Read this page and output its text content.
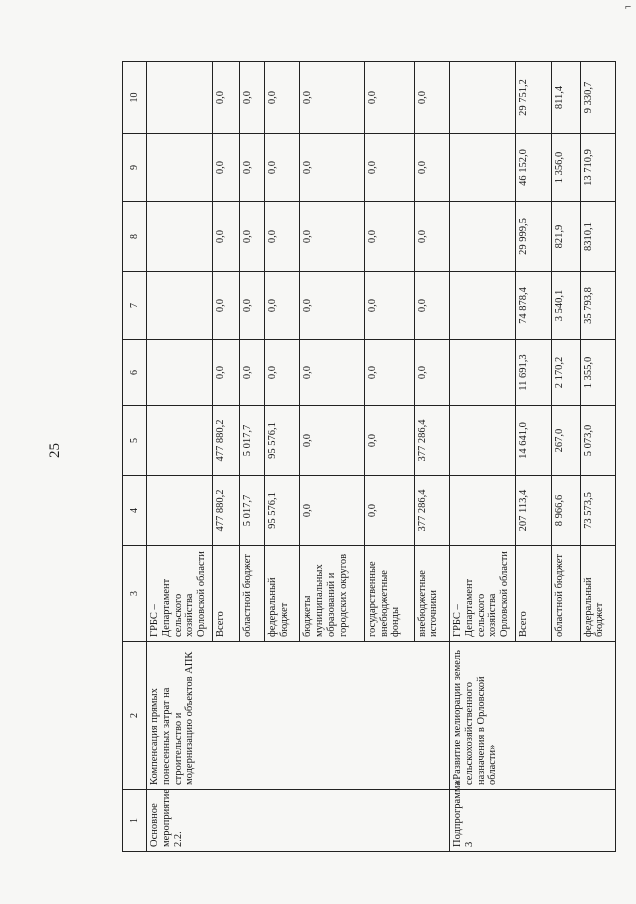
25
⌐
1	2	3	4	5	6	7	8	9	10
Основное мероприятие 2.2.	Компенсация прямых понесенных затрат на строительство и модернизацию объектов АПК	ГРБС – Департамент сельского хозяйства Орловской области							
		Всего	477 880,2	477 880,2	0,0	0,0	0,0	0,0	0,0
		областной бюджет	5 017,7	5 017,7	0,0	0,0	0,0	0,0	0,0
		федеральный бюджет	95 576,1	95 576,1	0,0	0,0	0,0	0,0	0,0
		бюджеты муниципальных образований и городских округов	0,0	0,0	0,0	0,0	0,0	0,0	0,0
		государственные внебюджетные фонды	0,0	0,0	0,0	0,0	0,0	0,0	0,0
		внебюджетные источники	377 286,4	377 286,4	0,0	0,0	0,0	0,0	0,0
Подпрограмма 3	«Развитие мелиорации земель сельскохозяйственного назначения в Орловской области»	ГРБС – Департамент сельского хозяйства Орловской области							
		Всего	207 113,4	14 641,0	11 691,3	74 878,4	29 999,5	46 152,0	29 751,2
		областной бюджет	8 966,6	267,0	2 170,2	3 540,1	821,9	1 356,0	811,4
		федеральный бюджет	73 573,5	5 073,0	1 355,0	35 793,8	8310,1	13 710,9	9 330,7
